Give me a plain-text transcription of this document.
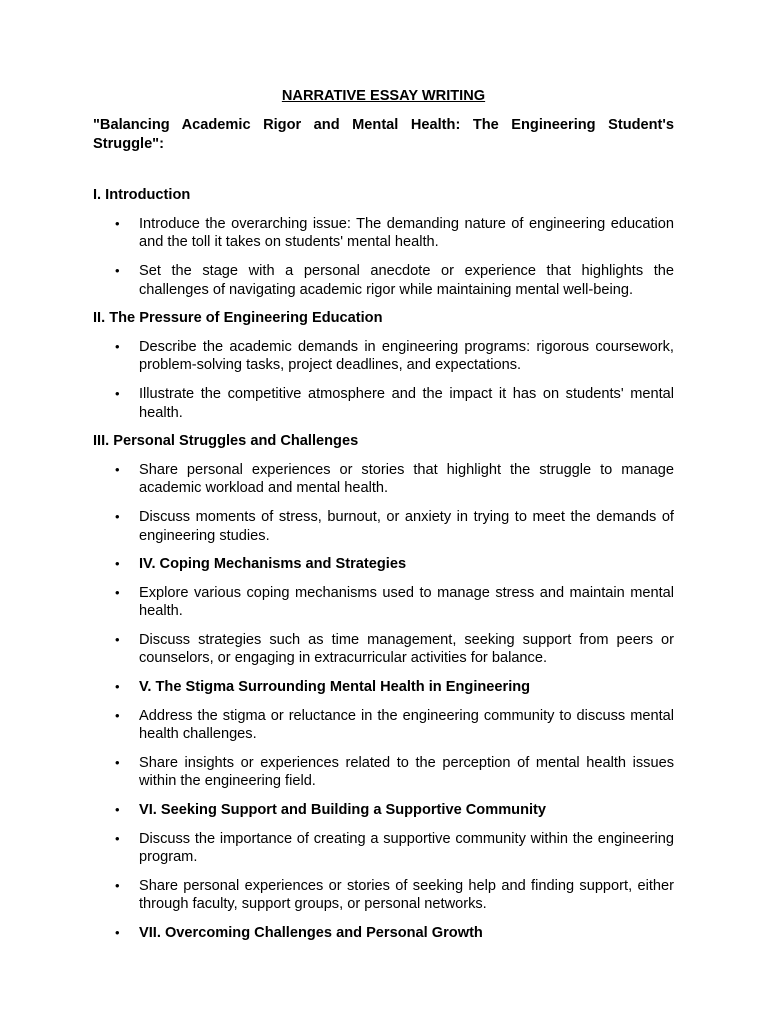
NARRATIVE ESSAY WRITING

"Balancing Academic Rigor and Mental Health: The Engineering Student's Struggle":

I. Introduction

• Introduce the overarching issue: The demanding nature of engineering education and the toll it takes on students' mental health.
• Set the stage with a personal anecdote or experience that highlights the challenges of navigating academic rigor while maintaining mental well-being.

II. The Pressure of Engineering Education

• Describe the academic demands in engineering programs: rigorous coursework, problem-solving tasks, project deadlines, and expectations.
• Illustrate the competitive atmosphere and the impact it has on students' mental health.

III. Personal Struggles and Challenges

• Share personal experiences or stories that highlight the struggle to manage academic workload and mental health.
• Discuss moments of stress, burnout, or anxiety in trying to meet the demands of engineering studies.
• IV. Coping Mechanisms and Strategies
• Explore various coping mechanisms used to manage stress and maintain mental health.
• Discuss strategies such as time management, seeking support from peers or counselors, or engaging in extracurricular activities for balance.
• V. The Stigma Surrounding Mental Health in Engineering
• Address the stigma or reluctance in the engineering community to discuss mental health challenges.
• Share insights or experiences related to the perception of mental health issues within the engineering field.
• VI. Seeking Support and Building a Supportive Community
• Discuss the importance of creating a supportive community within the engineering program.
• Share personal experiences or stories of seeking help and finding support, either through faculty, support groups, or personal networks.
• VII. Overcoming Challenges and Personal Growth
